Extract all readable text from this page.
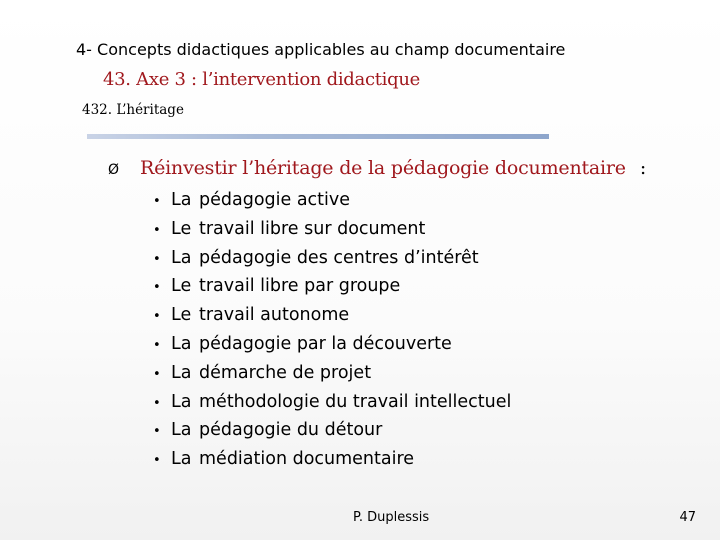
4- Concepts didactiques applicables au champ documentaire
43. Axe 3 : l’intervention didactique
432. L’héritage
Ø	Réinvestir l’héritage de la pédagogie documentaire :
• La pédagogie active
• Le travail libre sur document
• La pédagogie des centres d’intérêt
• Le travail libre par groupe
• Le travail autonome
• La pédagogie par la découverte
• La démarche de projet
• La méthodologie du travail intellectuel
• La pédagogie du détour
• La médiation documentaire
P. Duplessis	47
